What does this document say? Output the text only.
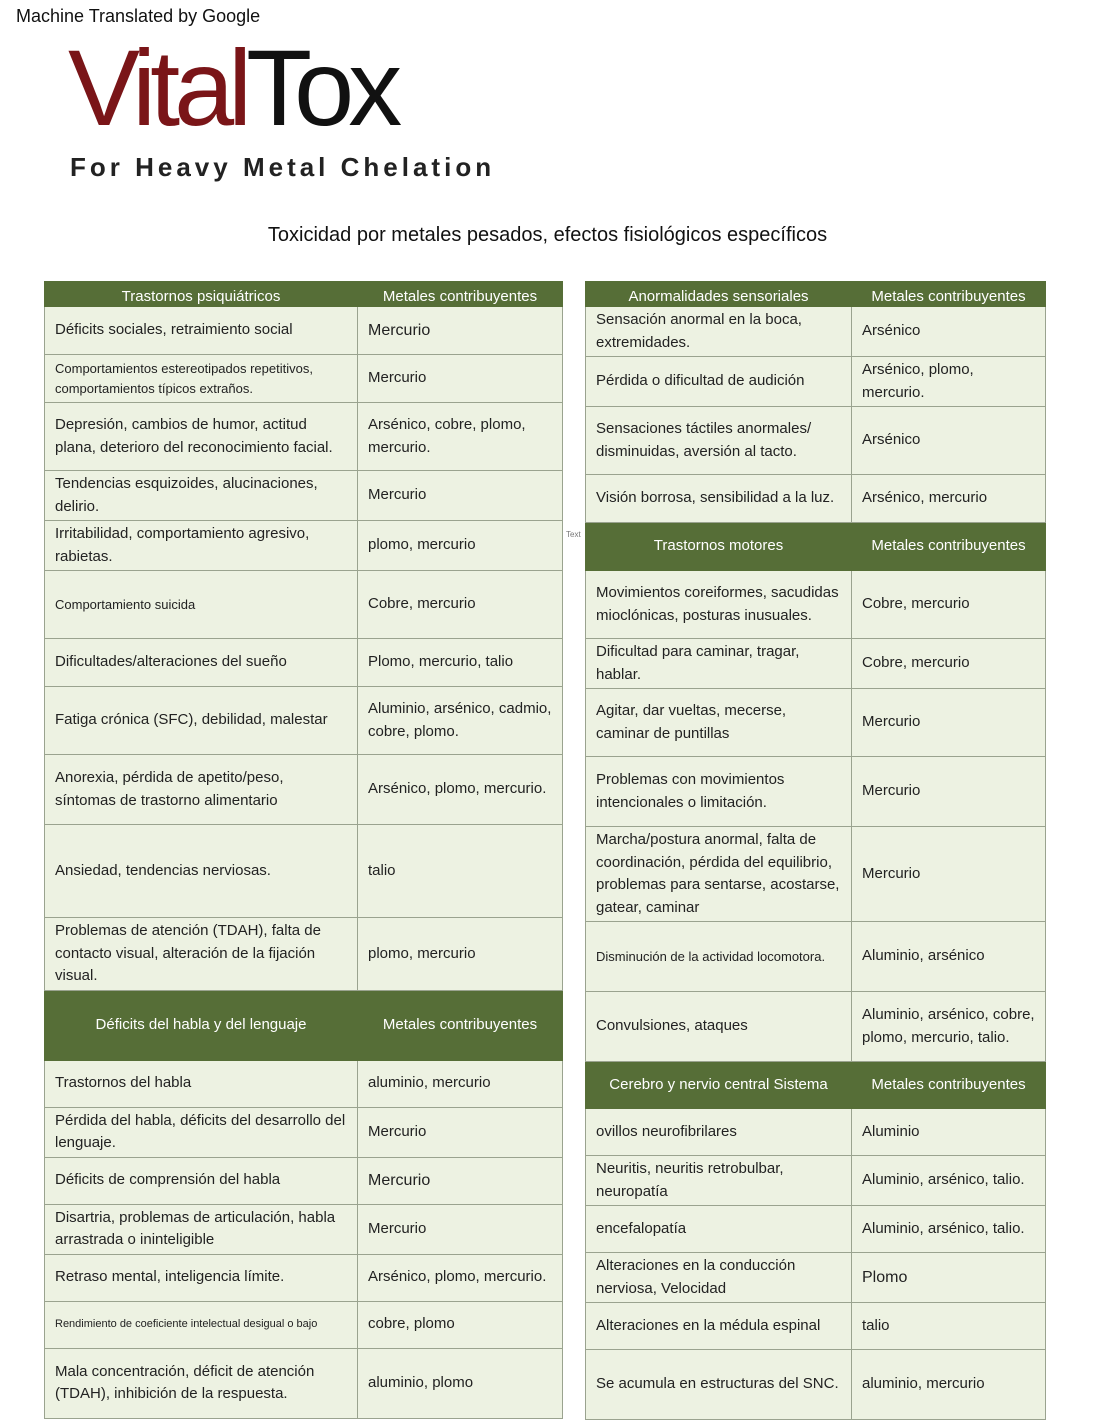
Machine Translated by Google
VitalTox
For Heavy Metal Chelation
Toxicidad por metales pesados, efectos fisiológicos específicos
Text
Trastornos psiquiátricos	Metales contribuyentes
Déficits sociales, retraimiento social	Mercurio
Comportamientos estereotipados repetitivos, comportamientos típicos extraños.	Mercurio
Depresión, cambios de humor, actitud plana, deterioro del reconocimiento facial.	Arsénico, cobre, plomo, mercurio.
Tendencias esquizoides, alucinaciones, delirio.	Mercurio
Irritabilidad, comportamiento agresivo, rabietas.	plomo, mercurio
Comportamiento suicida	Cobre, mercurio
Dificultades/alteraciones del sueño	Plomo, mercurio, talio
Fatiga crónica (SFC), debilidad, malestar	Aluminio, arsénico, cadmio, cobre, plomo.
Anorexia, pérdida de apetito/peso, síntomas de trastorno alimentario	Arsénico, plomo, mercurio.
Ansiedad, tendencias nerviosas.	talio
Problemas de atención (TDAH), falta de contacto visual, alteración de la fijación visual.	plomo, mercurio
Déficits del habla y del lenguaje	Metales contribuyentes
Trastornos del habla	aluminio, mercurio
Pérdida del habla, déficits del desarrollo del lenguaje.	Mercurio
Déficits de comprensión del habla	Mercurio
Disartria, problemas de articulación, habla arrastrada o ininteligible	Mercurio
Retraso mental, inteligencia límite.	Arsénico, plomo, mercurio.
Rendimiento de coeficiente intelectual desigual o bajo	cobre, plomo
Mala concentración, déficit de atención (TDAH), inhibición de la respuesta.	aluminio, plomo
Anormalidades sensoriales	Metales contribuyentes
Sensación anormal en la boca, extremidades.	Arsénico
Pérdida o dificultad de audición	Arsénico, plomo, mercurio.
Sensaciones táctiles anormales/ disminuidas, aversión al tacto.	Arsénico
Visión borrosa, sensibilidad a la luz.	Arsénico, mercurio
Trastornos motores	Metales contribuyentes
Movimientos coreiformes, sacudidas mioclónicas, posturas inusuales.	Cobre, mercurio
Dificultad para caminar, tragar, hablar.	Cobre, mercurio
Agitar, dar vueltas, mecerse, caminar de puntillas	Mercurio
Problemas con movimientos intencionales o limitación.	Mercurio
Marcha/postura anormal, falta de coordinación, pérdida del equilibrio, problemas para sentarse, acostarse, gatear, caminar	Mercurio
Disminución de la actividad locomotora.	Aluminio, arsénico
Convulsiones, ataques	Aluminio, arsénico, cobre, plomo, mercurio, talio.
Cerebro y nervio central Sistema	Metales contribuyentes
ovillos neurofibrilares	Aluminio
Neuritis, neuritis retrobulbar, neuropatía	Aluminio, arsénico, talio.
encefalopatía	Aluminio, arsénico, talio.
Alteraciones en la conducción nerviosa, Velocidad	Plomo
Alteraciones en la médula espinal	talio
Se acumula en estructuras del SNC.	aluminio, mercurio
